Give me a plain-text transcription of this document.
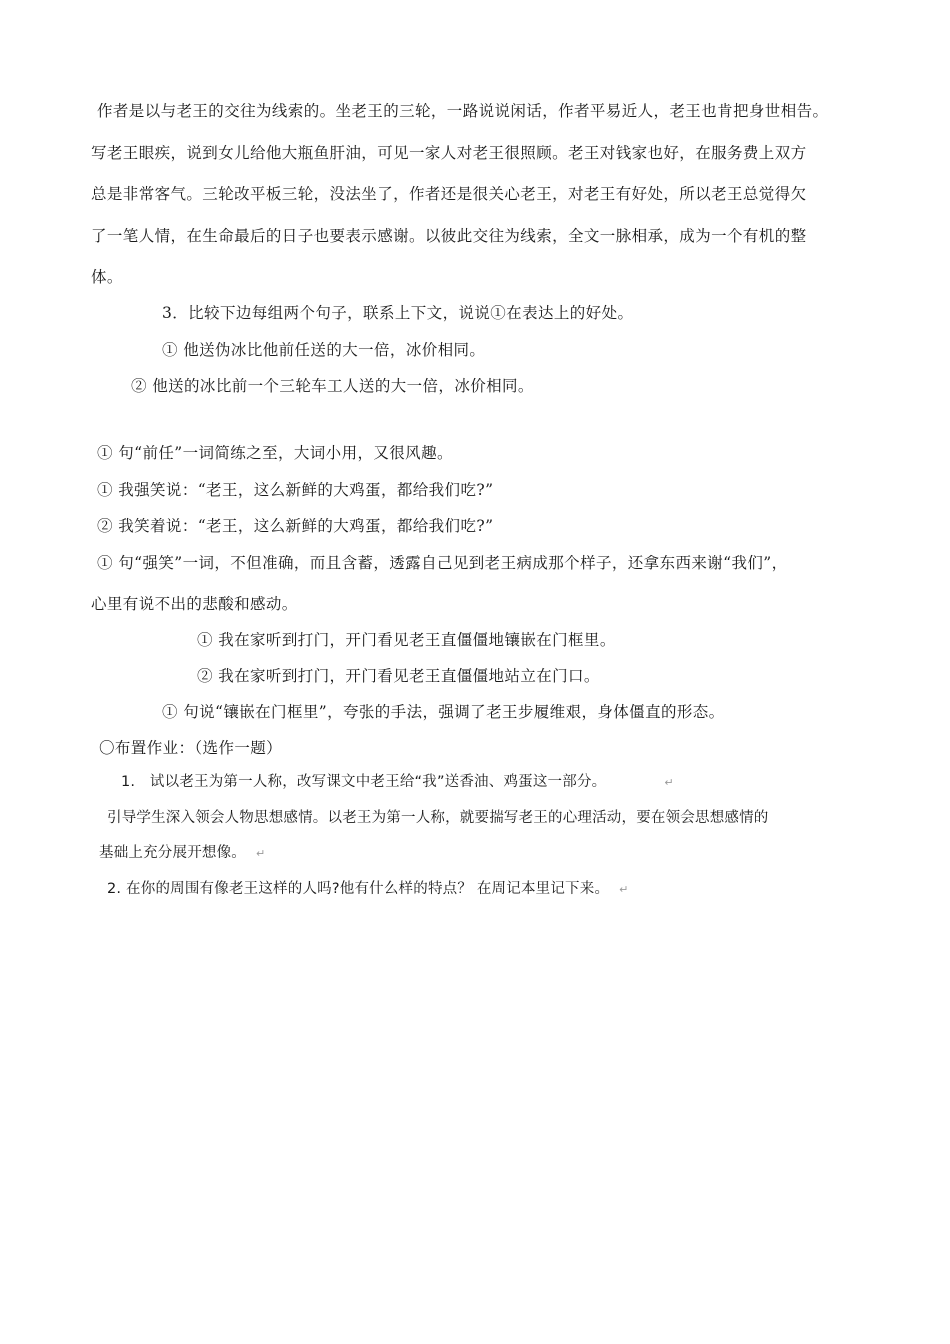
作者是以与老王的交往为线索的。坐老王的三轮，一路说说闲话，作者平易近人，老王也肯把身世相告。
写老王眼疾，说到女儿给他大瓶鱼肝油，可见一家人对老王很照顾。老王对钱家也好，在服务费上双方
总是非常客气。三轮改平板三轮，没法坐了，作者还是很关心老王，对老王有好处，所以老王总觉得欠
了一笔人情，在生命最后的日子也要表示感谢。以彼此交往为线索，全文一脉相承，成为一个有机的整
体。
3．比较下边每组两个句子，联系上下文，说说①在表达上的好处。
① 他送伪冰比他前任送的大一倍，冰价相同。
② 他送的冰比前一个三轮车工人送的大一倍，冰价相同。
① 句“前任”一词简练之至，大词小用，又很风趣。
① 我强笑说：“老王，这么新鲜的大鸡蛋，都给我们吃?”
② 我笑着说：“老王，这么新鲜的大鸡蛋，都给我们吃?”
① 句“强笑”一词，不但准确，而且含蓄，透露自己见到老王病成那个样子，还拿东西来谢“我们”，
心里有说不出的悲酸和感动。
① 我在家听到打门，开门看见老王直僵僵地镶嵌在门框里。
② 我在家听到打门，开门看见老王直僵僵地站立在门口。
① 句说“镶嵌在门框里”，夸张的手法，强调了老王步履维艰，身体僵直的形态。
〇布置作业：（选作一题）
1.　试以老王为第一人称，改写课文中老王给“我”送香油、鸡蛋这一部分。	↵
引导学生深入领会人物思想感情。以老王为第一人称，就要揣写老王的心理活动，要在领会思想感情的
基础上充分展开想像。 ↵
2. 在你的周围有像老王这样的人吗?他有什么样的特点？ 在周记本里记下来。 ↵
